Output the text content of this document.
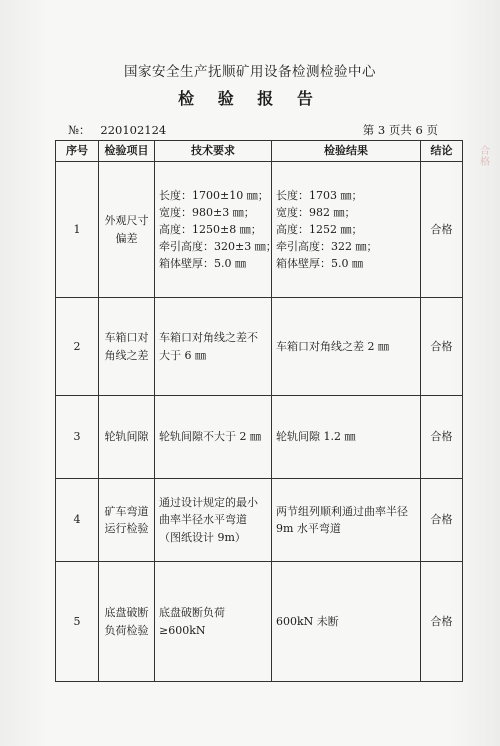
国家安全生产抚顺矿用设备检测检验中心
检 验 报 告
№： 220102124	第 3 页共 6 页
合
格
序号	检验项目	技术要求	检验结果	结论
1	外观尺寸偏差	长度：1700±10 ㎜；
宽度：980±3 ㎜；
高度：1250±8 ㎜；
牵引高度：320±3 ㎜；
箱体壁厚：5.0 ㎜	长度：1703 ㎜；
宽度：982 ㎜；
高度：1252 ㎜；
牵引高度：322 ㎜；
箱体壁厚：5.0 ㎜	合格
2	车箱口对角线之差	车箱口对角线之差不大于 6 ㎜	车箱口对角线之差 2 ㎜	合格
3	轮轨间隙	轮轨间隙不大于 2 ㎜	轮轨间隙 1.2 ㎜	合格
4	矿车弯道运行检验	通过设计规定的最小曲率半径水平弯道（图纸设计 9m）	两节组列顺利通过曲率半径 9m 水平弯道	合格
5	底盘破断负荷检验	底盘破断负荷≥600kN	600kN 未断	合格
